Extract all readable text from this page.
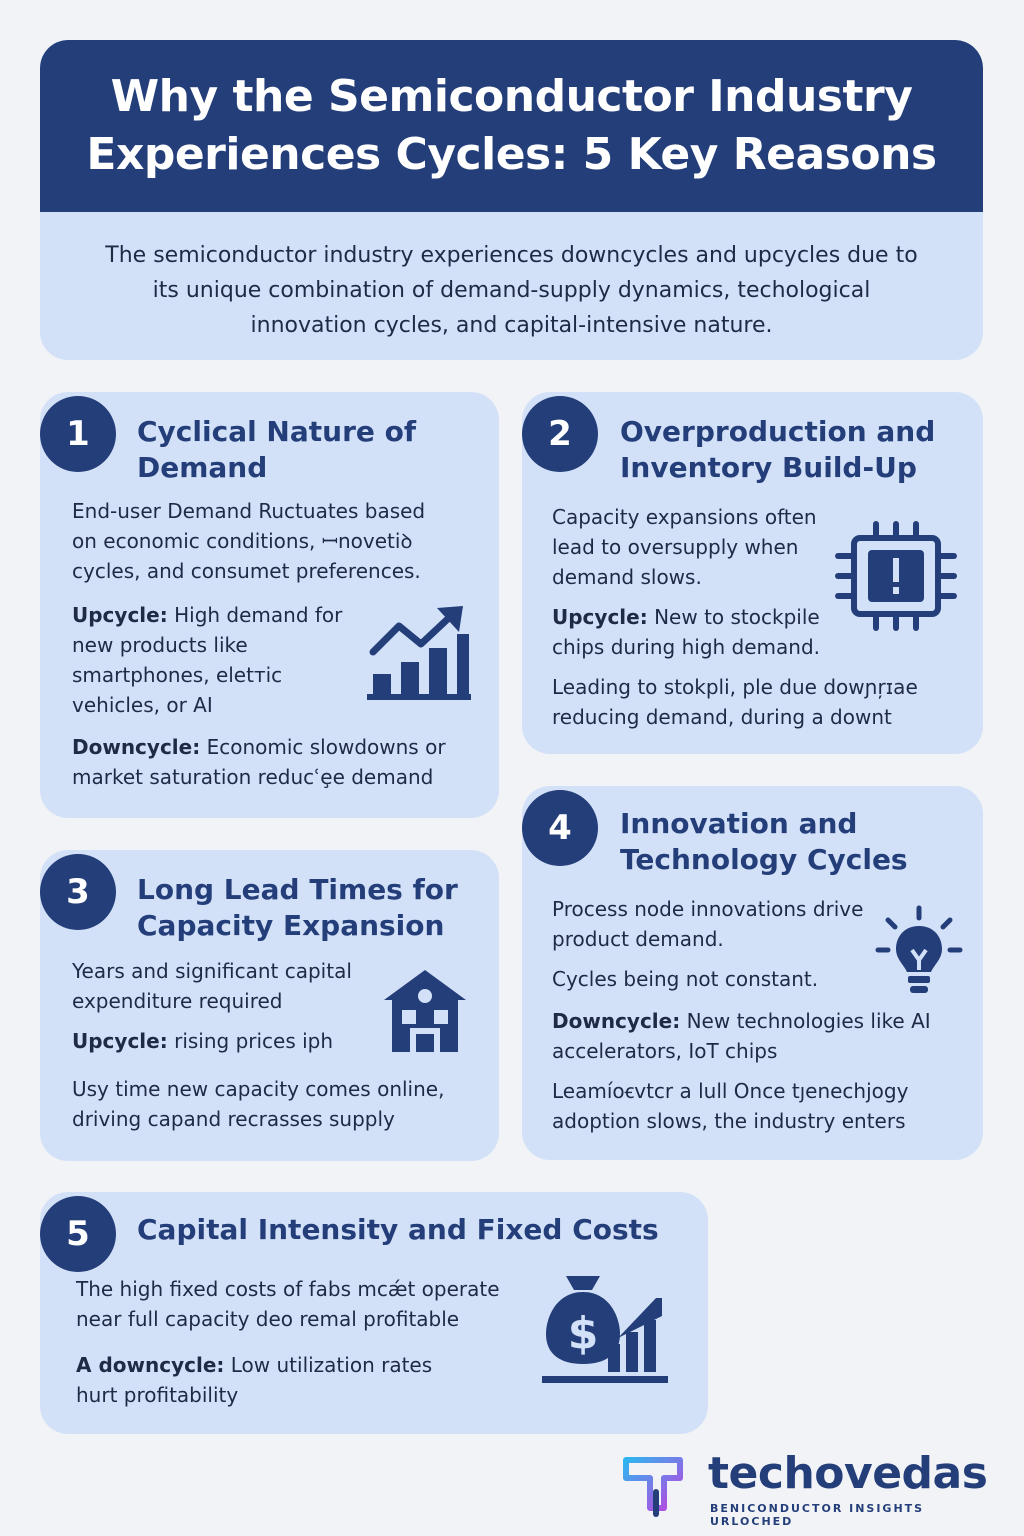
Why the Semiconductor Industry
Experiences Cycles: 5 Key Reasons
The semiconductor industry experiences downcycles and upcycles due to its unique combination of demand-supply dynamics, techological innovation cycles, and capital-intensive nature.
1	Cyclical Nature of
Demand

End-user Demand Ructuates based on economic conditions, ꟷnovetiꝺ cycles, and consumet preferences.

Upcycle: High demand for new products like smartphones, eletтic vehicles, or AI

Downcycle: Economic slowdowns or market saturation reducʿȩe demand

2	Overproduction and
Inventory Build-Up

Capacity expansions often lead to oversupply when demand slows.

Upcycle: New to stockpile chips during high demand.

Leading to stokpli, ple due dowɲŗɪae reducing demand, during a downt

3	Long Lead Times for
Capacity Expansion

Years and significant capital expenditure required

Upcycle: rising prices iph

Usy time new capacity comes online, driving capand recrasses supply

4	Innovation and
Technology Cycles

Process node innovations drive product demand.

Cycles being not constant.

Downcycle: New technologies like AI accelerators, IoT chips

Leamíoꞓvtcr a lull Once tյenechjogy adoption slows, the industry enters

5	Capital Intensity and Fixed Costs

The high fixed costs of fabs mcǽt operate near full capacity deo remal profitable

A downcycle: Low utilization rates hurt profitability

$
techovedas
BENICONDUCTOR INSIGHTS URLOCHED
